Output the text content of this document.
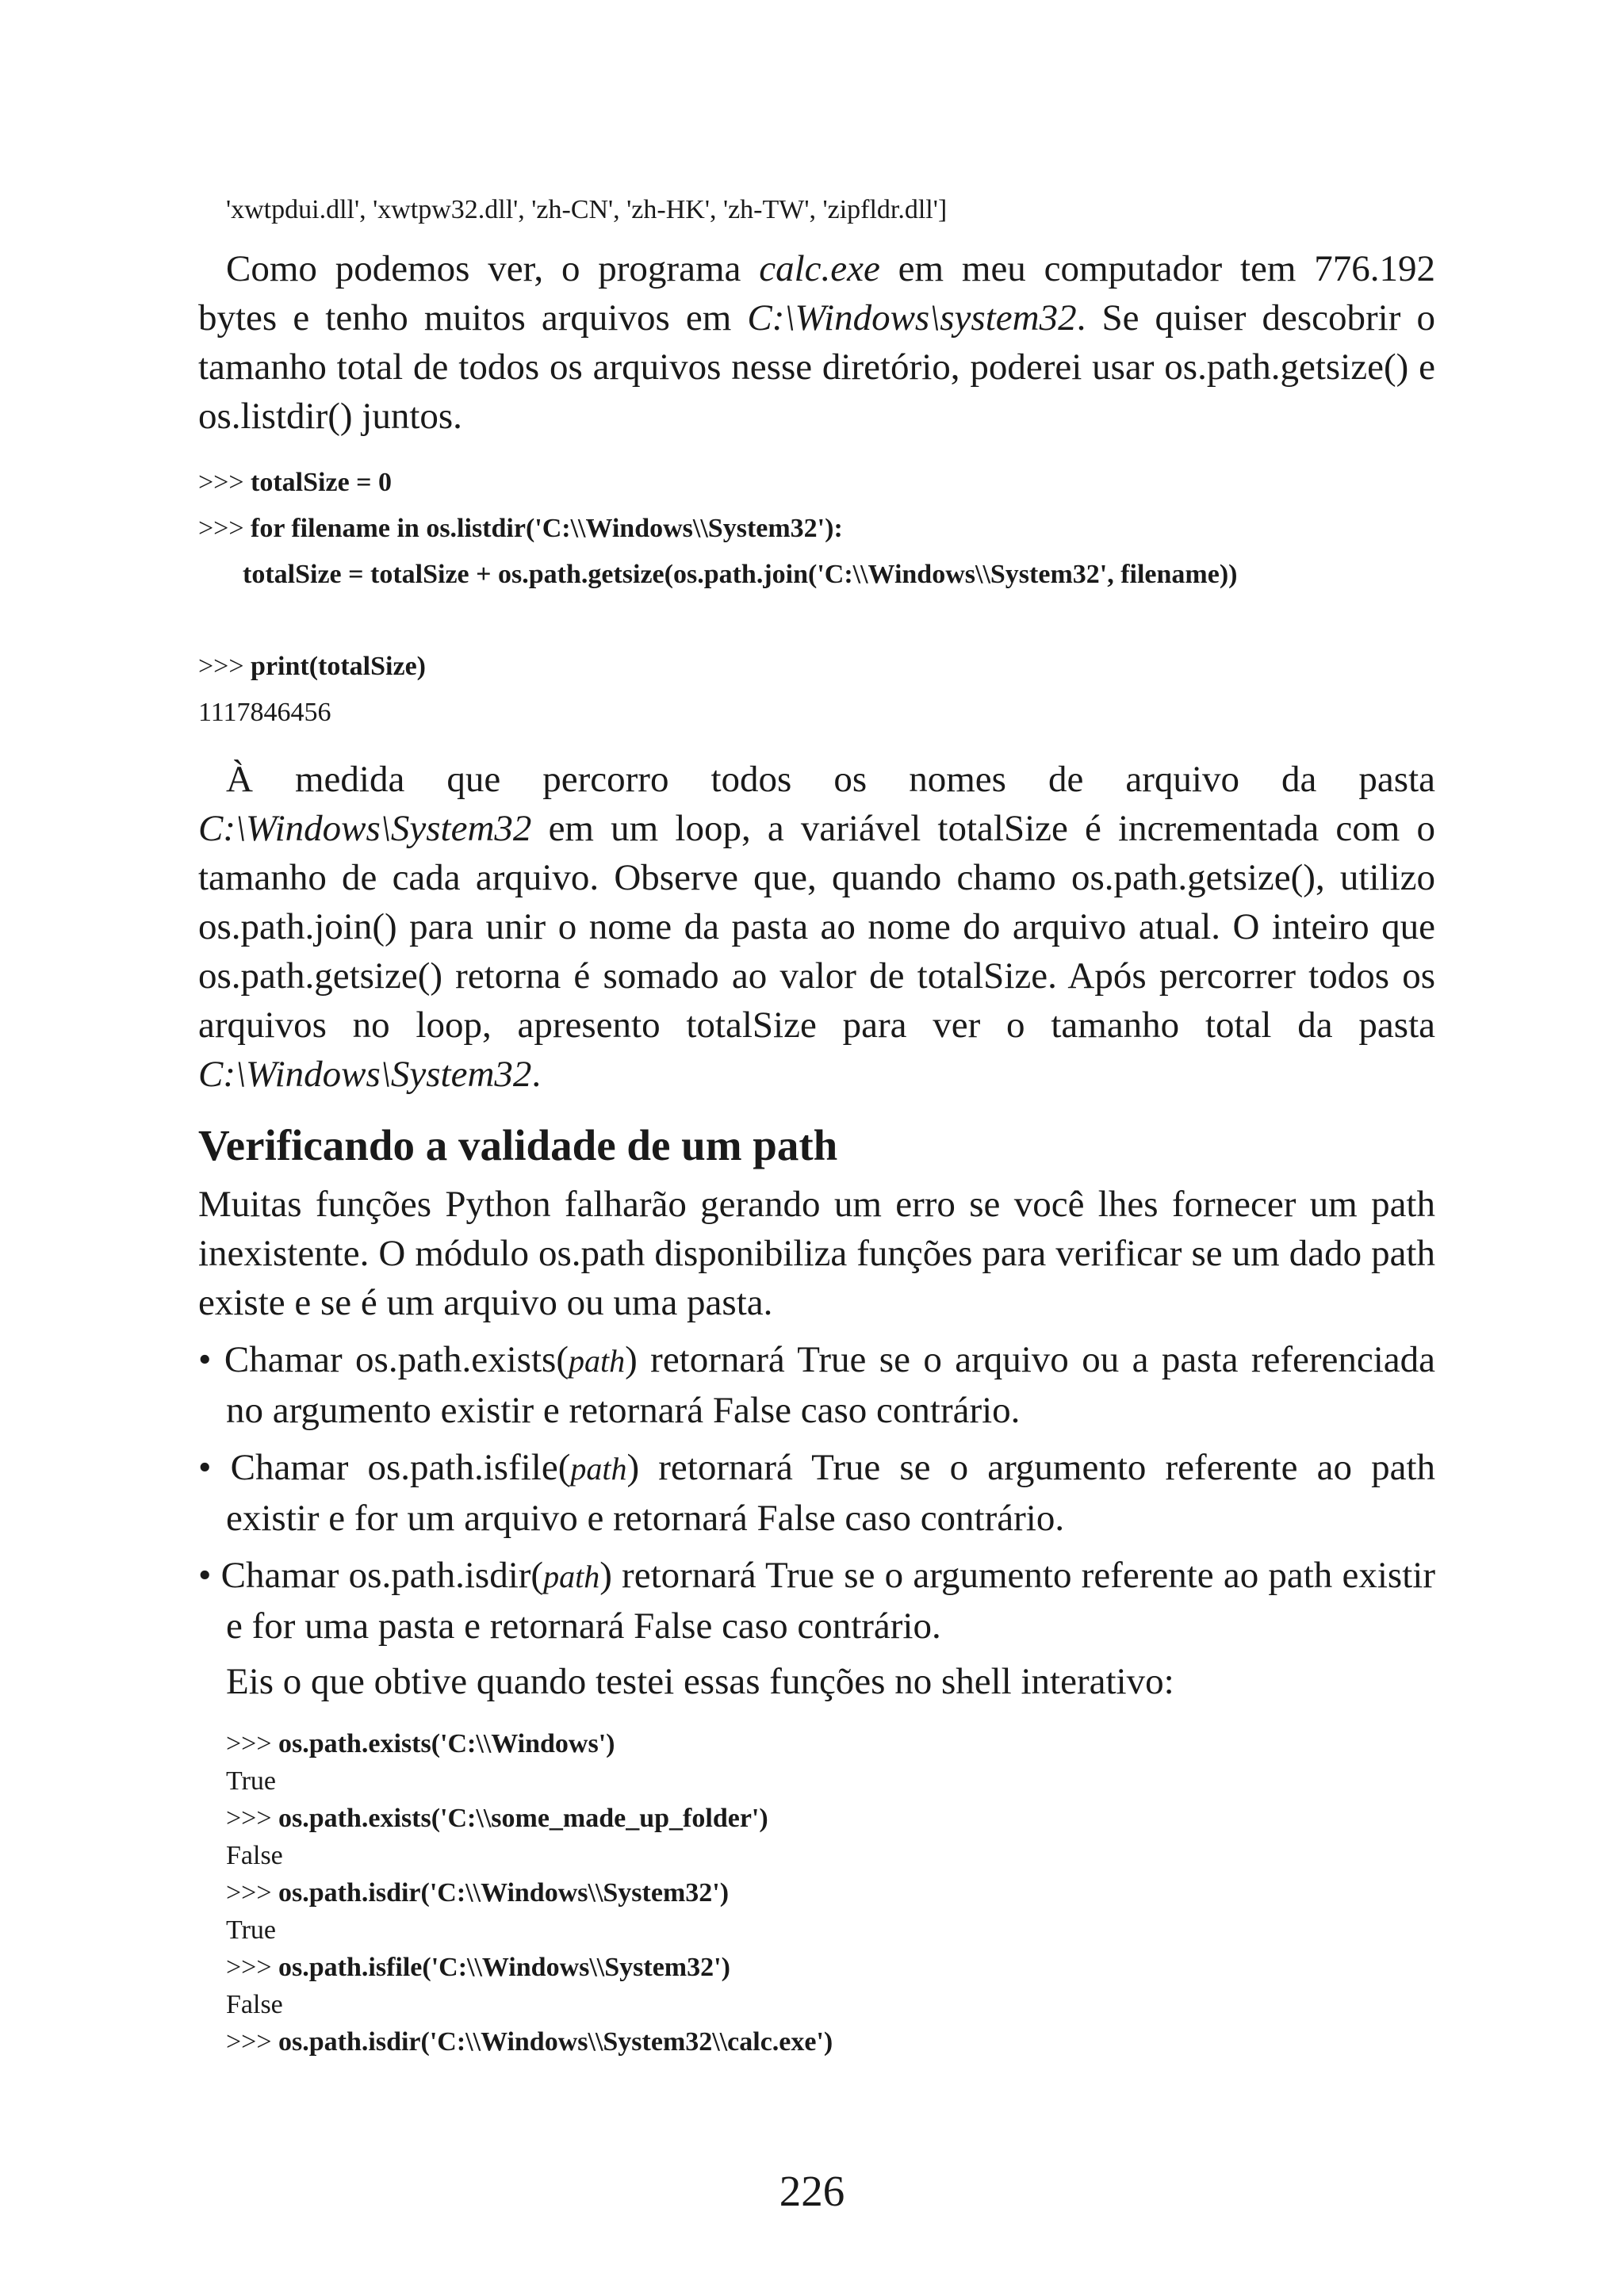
'xwtpdui.dll', 'xwtpw32.dll', 'zh-CN', 'zh-HK', 'zh-TW', 'zipfldr.dll']

Como podemos ver, o programa calc.exe em meu computador tem 776.192 bytes e tenho muitos arquivos em C:\Windows\system32. Se quiser descobrir o tamanho total de todos os arquivos nesse diretório, poderei usar os.path.getsize() e os.listdir() juntos.

>>> totalSize = 0
>>> for filename in os.listdir('C:\\Windows\\System32'):
totalSize = totalSize + os.path.getsize(os.path.join('C:\\Windows\\System32', filename))

>>> print(totalSize)
1117846456

À medida que percorro todos os nomes de arquivo da pasta C:\Windows\System32 em um loop, a variável totalSize é incrementada com o tamanho de cada arquivo. Observe que, quando chamo os.path.getsize(), utilizo os.path.join() para unir o nome da pasta ao nome do arquivo atual. O inteiro que os.path.getsize() retorna é somado ao valor de totalSize. Após percorrer todos os arquivos no loop, apresento totalSize para ver o tamanho total da pasta C:\Windows\System32.

Verificando a validade de um path

Muitas funções Python falharão gerando um erro se você lhes fornecer um path inexistente. O módulo os.path disponibiliza funções para verificar se um dado path existe e se é um arquivo ou uma pasta.

• Chamar os.path.exists(path) retornará True se o arquivo ou a pasta referenciada no argumento existir e retornará False caso contrário.

• Chamar os.path.isfile(path) retornará True se o argumento referente ao path existir e for um arquivo e retornará False caso contrário.

• Chamar os.path.isdir(path) retornará True se o argumento referente ao path existir e for uma pasta e retornará False caso contrário.

Eis o que obtive quando testei essas funções no shell interativo:

>>> os.path.exists('C:\\Windows')
True
>>> os.path.exists('C:\\some_made_up_folder')
False
>>> os.path.isdir('C:\\Windows\\System32')
True
>>> os.path.isfile('C:\\Windows\\System32')
False
>>> os.path.isdir('C:\\Windows\\System32\\calc.exe')
226
